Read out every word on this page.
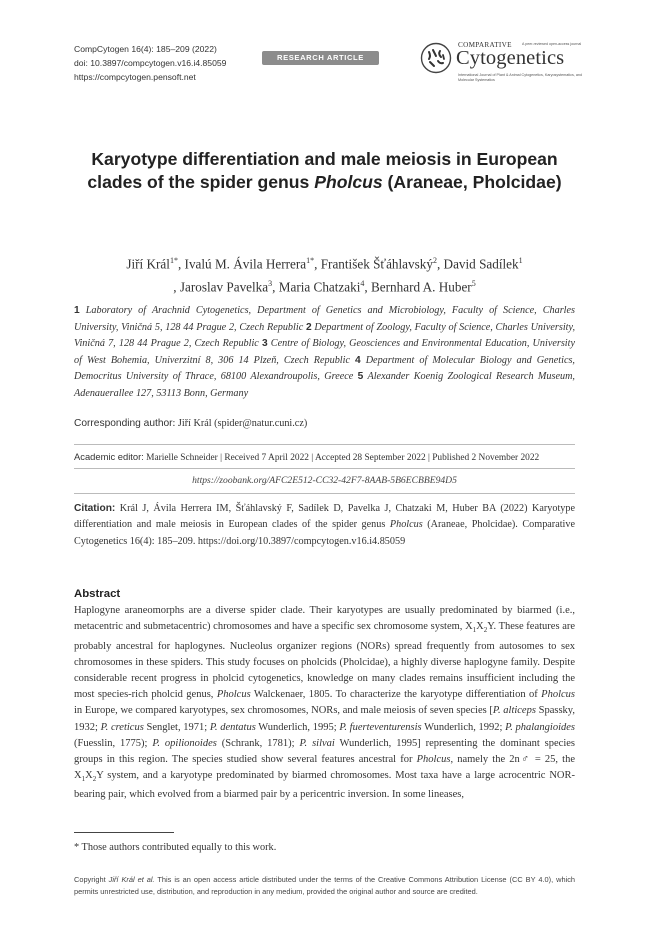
CompCytogen 16(4): 185–209 (2022)
doi: 10.3897/compcytogen.v16.i4.85059
https://compcytogen.pensoft.net
RESEARCH ARTICLE
COMPARATIVE	A peer-reviewed open-access journal
Cytogenetics
International Journal of Plant & Animal Cytogenetics, Karyosystematics, and Molecular Systematics
Karyotype differentiation and male meiosis in European clades of the spider genus Pholcus (Araneae, Pholcidae)
Jiří Král$^{1*}$, Ivalú M. Ávila Herrera$^{1*}$, František Šťáhlavský$^2$, David Sadílek$^1$
, Jaroslav Pavelka$^3$, Maria Chatzaki$^4$, Bernhard A. Huber$^5$
1 Laboratory of Arachnid Cytogenetics, Department of Genetics and Microbiology, Faculty of Science, Charles University, Viničná 5, 128 44 Prague 2, Czech Republic 2 Department of Zoology, Faculty of Science, Charles University, Viničná 7, 128 44 Prague 2, Czech Republic 3 Centre of Biology, Geosciences and Environmental Education, University of West Bohemia, Univerzitní 8, 306 14 Plzeň, Czech Republic 4 Department of Molecular Biology and Genetics, Democritus University of Thrace, 68100 Alexandroupolis, Greece 5 Alexander Koenig Zoological Research Museum, Adenauerallee 127, 53113 Bonn, Germany
Corresponding author: Jiří Král (spider@natur.cuni.cz)
Academic editor: Marielle Schneider | Received 7 April 2022 | Accepted 28 September 2022 | Published 2 November 2022
https://zoobank.org/AFC2E512-CC32-42F7-8AAB-5B6ECBBE94D5
Citation: Král J, Ávila Herrera IM, Šťáhlavský F, Sadílek D, Pavelka J, Chatzaki M, Huber BA (2022) Karyotype differentiation and male meiosis in European clades of the spider genus Pholcus (Araneae, Pholcidae). Comparative Cytogenetics 16(4): 185–209. https://doi.org/10.3897/compcytogen.v16.i4.85059
Abstract
Haplogyne araneomorphs are a diverse spider clade. Their karyotypes are usually predominated by biarmed (i.e., metacentric and submetacentric) chromosomes and have a specific sex chromosome system, $X_1X_2Y$. These features are probably ancestral for haplogynes. Nucleolus organizer regions (NORs) spread frequently from autosomes to sex chromosomes in these spiders. This study focuses on pholcids (Pholcidae), a highly diverse haplogyne family. Despite considerable recent progress in pholcid cytogenetics, knowledge on many clades remains insufficient including the most species-rich pholcid genus, Pholcus Walckenaer, 1805. To characterize the karyotype differentiation of Pholcus in Europe, we compared karyotypes, sex chromosomes, NORs, and male meiosis of seven species [P. alticeps Spassky, 1932; P. creticus Senglet, 1971; P. dentatus Wunderlich, 1995; P. fuerteventurensis Wunderlich, 1992; P. phalangioides (Fuesslin, 1775); P. opilionoides (Schrank, 1781); P. silvai Wunderlich, 1995] representing the dominant species groups in this region. The species studied show several features ancestral for Pholcus, namely the 2n♂ = 25, the $X_1X_2Y$ system, and a karyotype predominated by biarmed chromosomes. Most taxa have a large acrocentric NOR-bearing pair, which evolved from a biarmed pair by a pericentric inversion. In some lineases,
* Those authors contributed equally to this work.
Copyright Jiří Král et al. This is an open access article distributed under the terms of the Creative Commons Attribution License (CC BY 4.0), which permits unrestricted use, distribution, and reproduction in any medium, provided the original author and source are credited.
